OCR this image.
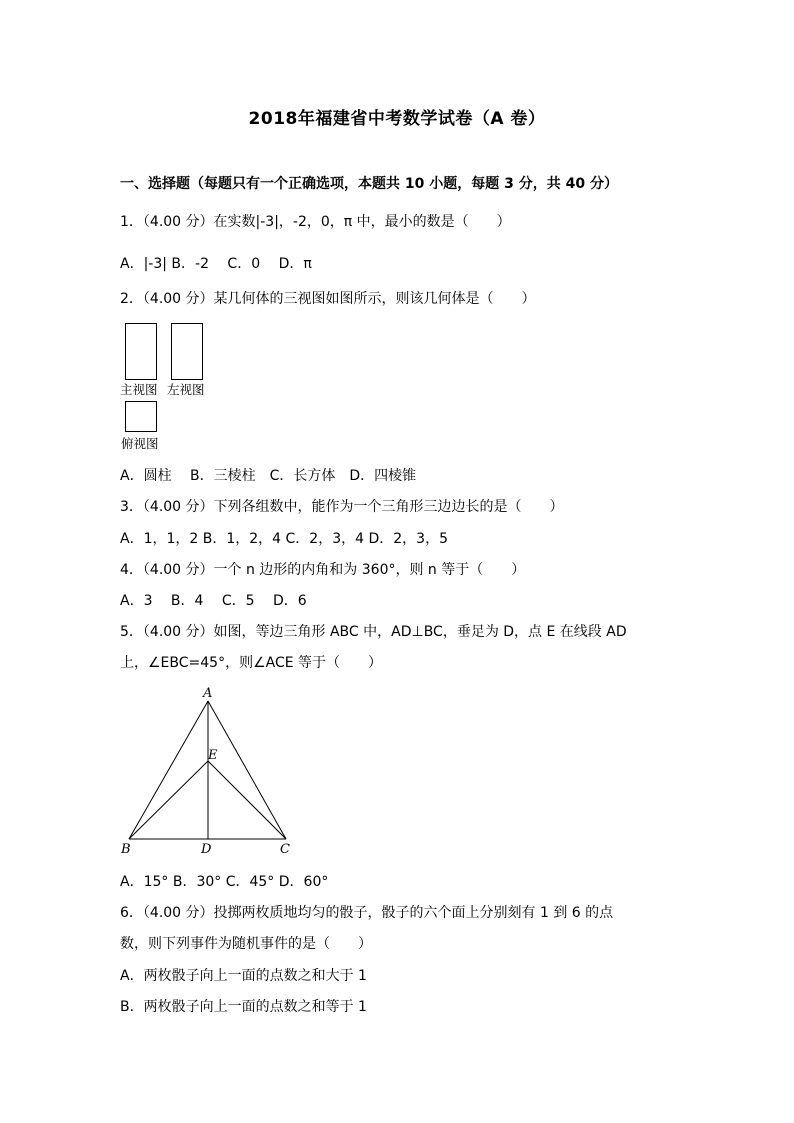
2018年福建省中考数学试卷（A 卷）
一、选择题（每题只有一个正确选项，本题共 10 小题，每题 3 分，共 40 分）
1．（4.00 分）在实数|-3|，-2，0，π 中，最小的数是（　　）
A．|-3| B．-2　 C．0　 D．π
2．（4.00 分）某几何体的三视图如图所示，则该几何体是（　　）
主视图 左视图
俯视图
A．圆柱　 B．三棱柱　C．长方体　D．四棱锥
3．（4.00 分）下列各组数中，能作为一个三角形三边边长的是（　　）
A．1，1，2 B．1，2，4 C．2，3，4 D．2，3，5
4．（4.00 分）一个 n 边形的内角和为 360°，则 n 等于（　　）
A．3　 B．4　 C．5　 D．6
5．（4.00 分）如图，等边三角形 ABC 中，AD⊥BC，垂足为 D，点 E 在线段 AD
上，∠EBC=45°，则∠ACE 等于（　　）
A
B	C
D
E
A．15° B．30° C．45° D．60°
6．（4.00 分）投掷两枚质地均匀的骰子，骰子的六个面上分别刻有 1 到 6 的点
数，则下列事件为随机事件的是（　　）
A．两枚骰子向上一面的点数之和大于 1
B．两枚骰子向上一面的点数之和等于 1
